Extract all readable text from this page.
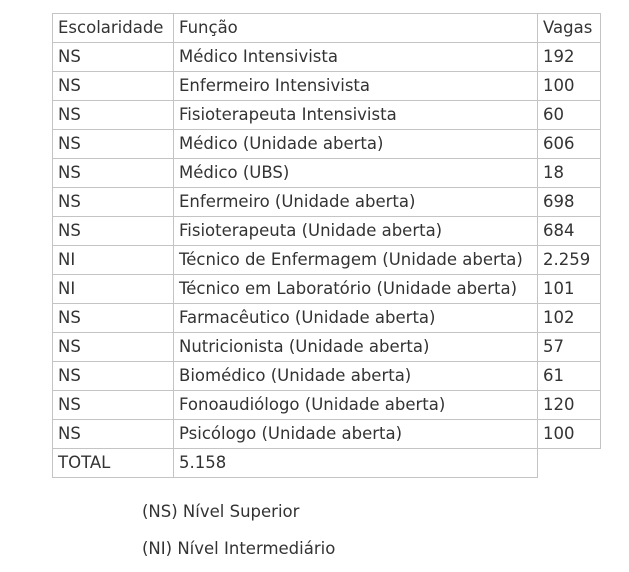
Escolaridade	Função	Vagas
NS	Médico Intensivista	192
NS	Enfermeiro Intensivista	100
NS	Fisioterapeuta Intensivista	60
NS	Médico (Unidade aberta)	606
NS	Médico (UBS)	18
NS	Enfermeiro (Unidade aberta)	698
NS	Fisioterapeuta (Unidade aberta)	684
NI	Técnico de Enfermagem (Unidade aberta)	2.259
NI	Técnico em Laboratório (Unidade aberta)	101
NS	Farmacêutico (Unidade aberta)	102
NS	Nutricionista (Unidade aberta)	57
NS	Biomédico (Unidade aberta)	61
NS	Fonoaudiólogo (Unidade aberta)	120
NS	Psicólogo (Unidade aberta)	100
TOTAL	5.158	
(NS) Nível Superior
(NI) Nível Intermediário
